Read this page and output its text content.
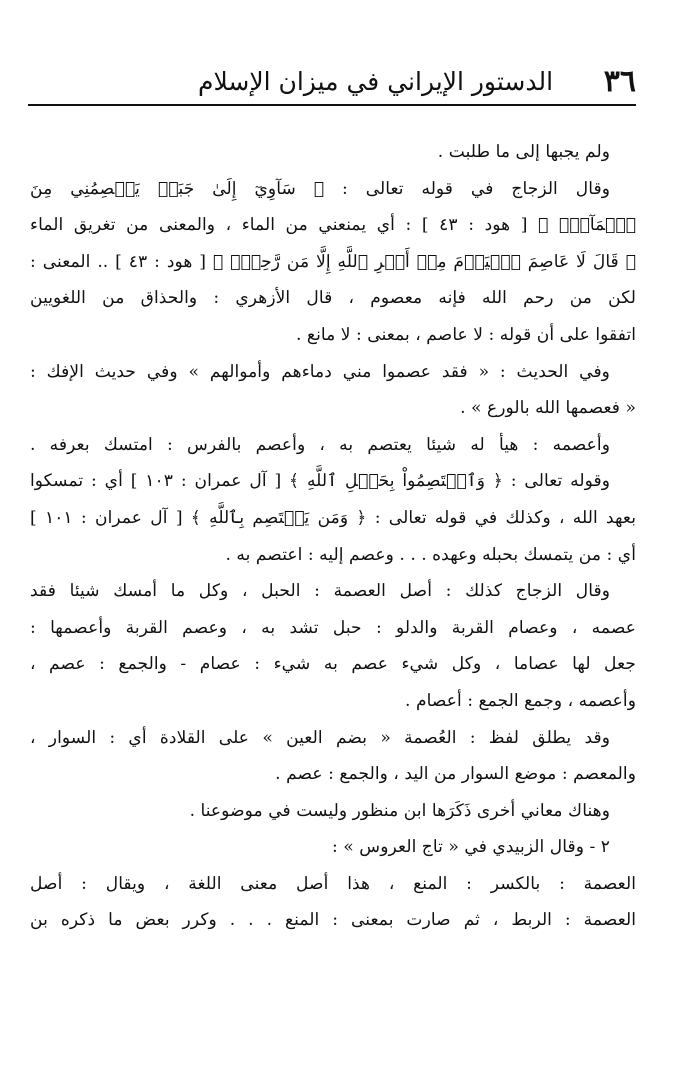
٣٦
الدستور الإيراني في ميزان الإسلام
ولم يجبها إلى ما طلبت .
وقال الزجاج في قوله تعالى : ﴿ سَآوِيٓ إِلَىٰ جَبَلٖ يَعۡصِمُنِي مِنَ
ٱلۡمَآءِۚ ﴾ [ هود : ٤٣ ] : أي يمنعني من الماء ، والمعنى من تغريق الماء
﴿ قَالَ لَا عَاصِمَ ٱلۡيَوۡمَ مِنۡ أَمۡرِ ٱللَّهِ إِلَّا مَن رَّحِمَۚ ﴾ [ هود : ٤٣ ] .. المعنى :
لكن من رحم الله فإنه معصوم ، قال الأزهري : والحذاق من اللغويين
اتفقوا على أن قوله : لا عاصم ، بمعنى : لا مانع .
وفي الحديث : « فقد عصموا مني دماءهم وأموالهم » وفي حديث الإفك :
« فعصمها الله بالورع » .
وأعصمه : هيأ له شيئا يعتصم به ، وأعصم بالفرس : امتسك بعرفه .
وقوله تعالى : ﴿ وَٱعۡتَصِمُواْ بِحَبۡلِ ٱللَّهِ ﴾ [ آل عمران : ١٠٣ ] أي : تمسكوا
بعهد الله ، وكذلك في قوله تعالى : ﴿ وَمَن يَعۡتَصِم بِٱللَّهِ ﴾ [ آل عمران : ١٠١ ]
أي : من يتمسك بحبله وعهده . . . وعصم إليه : اعتصم به .
وقال الزجاج كذلك : أصل العصمة : الحبل ، وكل ما أمسك شيئا فقد
عصمه ، وعصام القربة والدلو : حبل تشد به ، وعصم القربة وأعصمها :
جعل لها عصاما ، وكل شيء عصم به شيء : عصام - والجمع : عصم ،
وأعصمه ، وجمع الجمع : أعصام .
وقد يطلق لفظ : العُصمة « بضم العين » على القلادة أي : السوار ،
والمعصم : موضع السوار من اليد ، والجمع : عصم .
وهناك معاني أخرى ذَكَرَها ابن منظور وليست في موضوعنا .
٢ - وقال الزبيدي في « تاج العروس » :
العصمة : بالكسر : المنع ، هذا أصل معنى اللغة ، ويقال : أصل
العصمة : الربط ، ثم صارت بمعنى : المنع . . . وكرر بعض ما ذكره بن
